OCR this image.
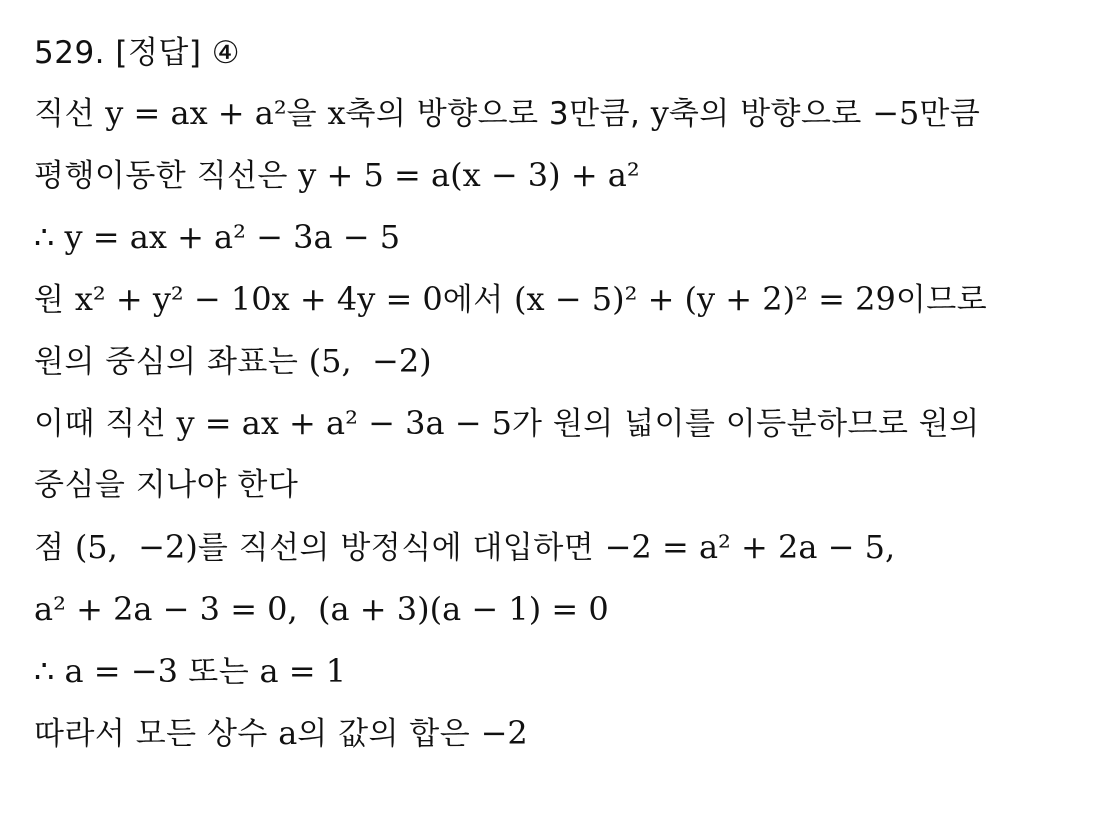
529. [정답] ④
직선 y = ax + a²을 x축의 방향으로 3만큼, y축의 방향으로 −5만큼
평행이동한 직선은 y + 5 = a(x − 3) + a²
∴ y = ax + a² − 3a − 5
원 x² + y² − 10x + 4y = 0에서 (x − 5)² + (y + 2)² = 29이므로
원의 중심의 좌표는 (5,  −2)
이때 직선 y = ax + a² − 3a − 5가 원의 넓이를 이등분하므로 원의
중심을 지나야 한다
점 (5,  −2)를 직선의 방정식에 대입하면 −2 = a² + 2a − 5,
a² + 2a − 3 = 0,  (a + 3)(a − 1) = 0
∴ a = −3 또는 a = 1
따라서 모든 상수 a의 값의 합은 −2
